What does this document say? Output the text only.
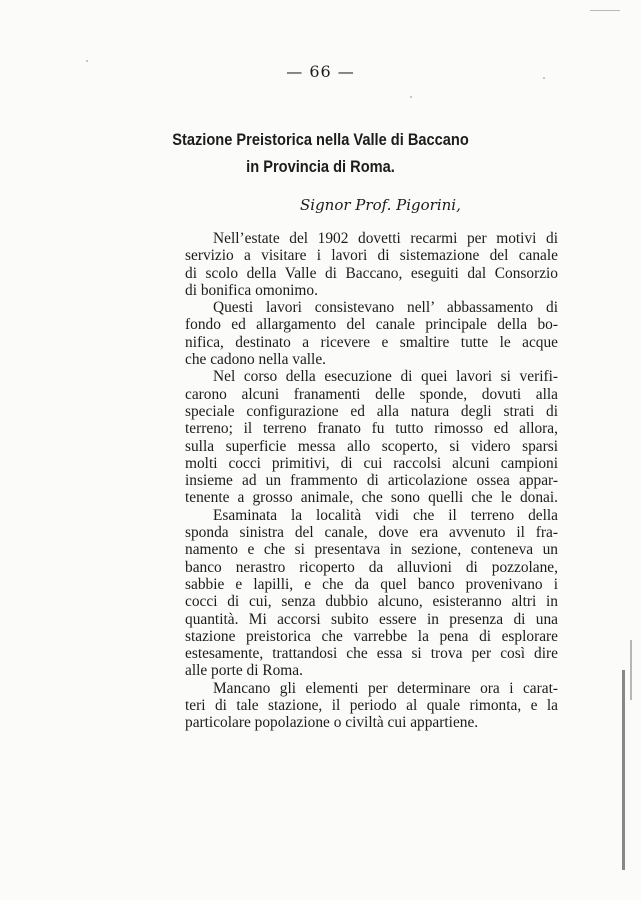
— 66 —
Stazione Preistorica nella Valle di Baccano
in Provincia di Roma.
Signor Prof. Pigorini,
Nell’estate del 1902 dovetti recarmi per motivi di
servizio a visitare i lavori di sistemazione del canale
di scolo della Valle di Baccano, eseguiti dal Consorzio
di bonifica omonimo.
Questi lavori consistevano nell’ abbassamento di
fondo ed allargamento del canale principale della bo-
nifica, destinato a ricevere e smaltire tutte le acque
che cadono nella valle.
Nel corso della esecuzione di quei lavori si verifi-
carono alcuni franamenti delle sponde, dovuti alla
speciale configurazione ed alla natura degli strati di
terreno; il terreno franato fu tutto rimosso ed allora,
sulla superficie messa allo scoperto, si videro sparsi
molti cocci primitivi, di cui raccolsi alcuni campioni
insieme ad un frammento di articolazione ossea appar-
tenente a grosso animale, che sono quelli che le donai.
Esaminata la località vidi che il terreno della
sponda sinistra del canale, dove era avvenuto il fra-
namento e che si presentava in sezione, conteneva un
banco nerastro ricoperto da alluvioni di pozzolane,
sabbie e lapilli, e che da quel banco provenivano i
cocci di cui, senza dubbio alcuno, esisteranno altri in
quantità. Mi accorsi subito essere in presenza di una
stazione preistorica che varrebbe la pena di esplorare
estesamente, trattandosi che essa si trova per così dire
alle porte di Roma.
Mancano gli elementi per determinare ora i carat-
teri di tale stazione, il periodo al quale rimonta, e la
particolare popolazione o civiltà cui appartiene.
